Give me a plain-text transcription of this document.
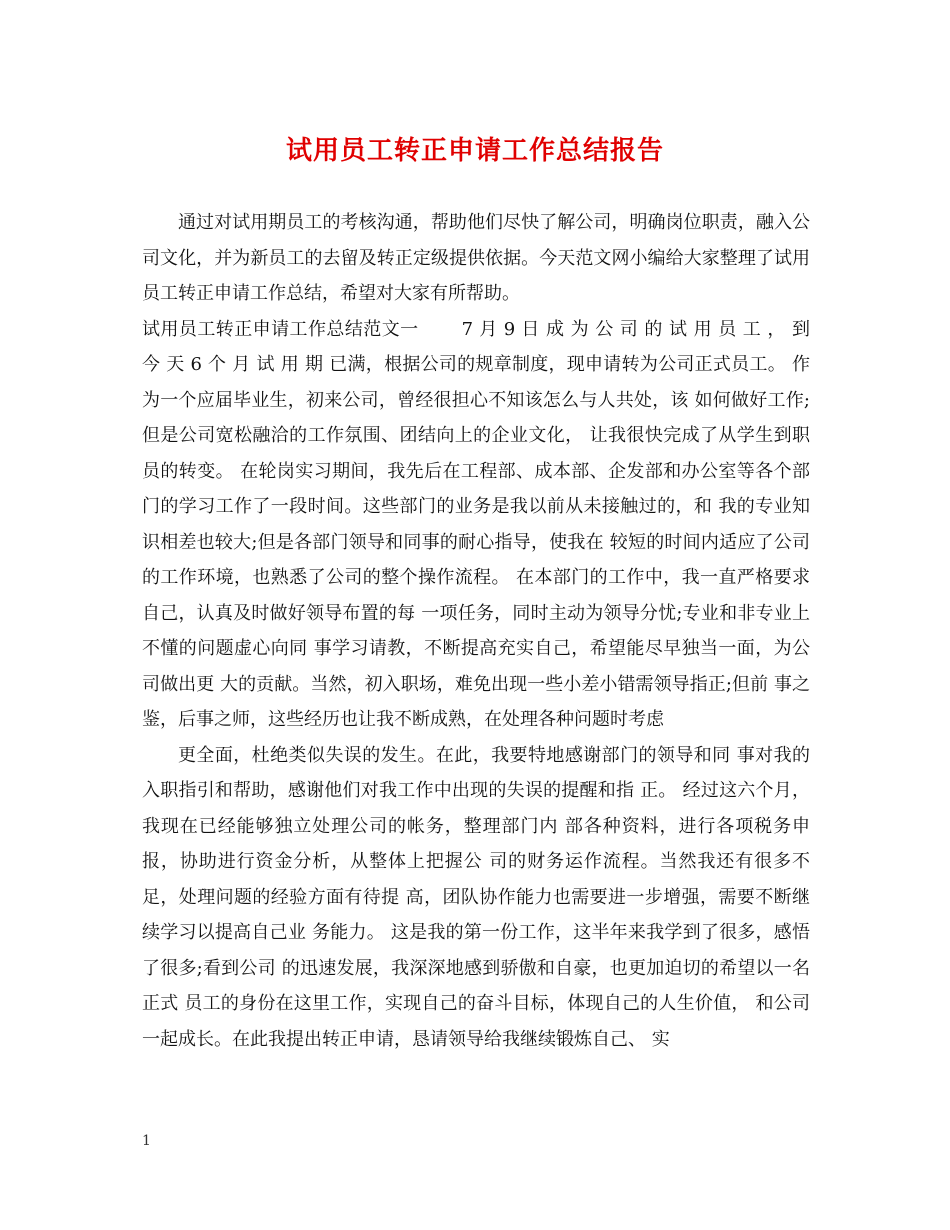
试用员工转正申请工作总结报告

通过对试用期员工的考核沟通，帮助他们尽快了解公司，明确岗位职责，融入公司文化，并为新员工的去留及转正定级提供依据。今天范文网小编给大家整理了试用员工转正申请工作总结，希望对大家有所帮助。

试用员工转正申请工作总结范文一　　 7 月 9 日 成 为 公 司 的 试 用 员 工 ， 到 今 天 6 个 月 试 用 期 已满，根据公司的规章制度，现申请转为公司正式员工。 作为一个应届毕业生，初来公司，曾经很担心不知该怎么与人共处，该 如何做好工作;但是公司宽松融洽的工作氛围、团结向上的企业文化， 让我很快完成了从学生到职员的转变。 在轮岗实习期间，我先后在工程部、成本部、企发部和办公室等各个部 门的学习工作了一段时间。这些部门的业务是我以前从未接触过的，和 我的专业知识相差也较大;但是各部门领导和同事的耐心指导，使我在 较短的时间内适应了公司的工作环境，也熟悉了公司的整个操作流程。 在本部门的工作中，我一直严格要求自己，认真及时做好领导布置的每 一项任务，同时主动为领导分忧;专业和非专业上不懂的问题虚心向同 事学习请教，不断提高充实自己，希望能尽早独当一面，为公司做出更 大的贡献。当然，初入职场，难免出现一些小差小错需领导指正;但前 事之鉴，后事之师，这些经历也让我不断成熟，在处理各种问题时考虑

更全面，杜绝类似失误的发生。在此，我要特地感谢部门的领导和同 事对我的入职指引和帮助，感谢他们对我工作中出现的失误的提醒和指 正。 经过这六个月，我现在已经能够独立处理公司的帐务，整理部门内 部各种资料，进行各项税务申报，协助进行资金分析，从整体上把握公 司的财务运作流程。当然我还有很多不足，处理问题的经验方面有待提 高，团队协作能力也需要进一步增强，需要不断继续学习以提高自己业 务能力。 这是我的第一份工作，这半年来我学到了很多，感悟了很多;看到公司 的迅速发展，我深深地感到骄傲和自豪，也更加迫切的希望以一名正式 员工的身份在这里工作，实现自己的奋斗目标，体现自己的人生价值， 和公司一起成长。在此我提出转正申请，恳请领导给我继续锻炼自己、 实

1
